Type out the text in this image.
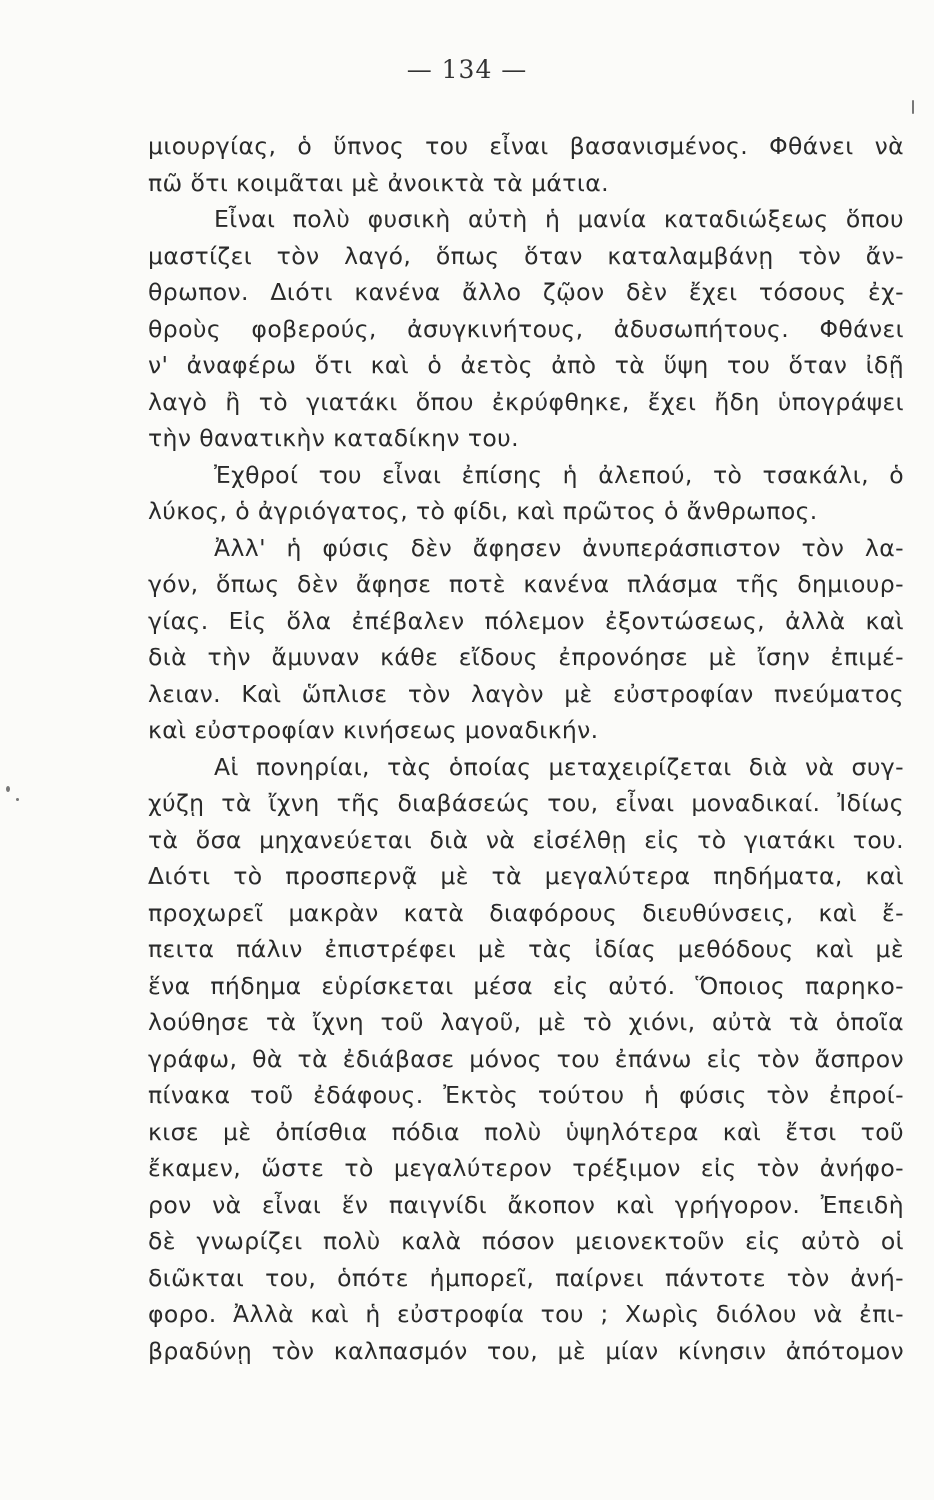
— 134 —
μιουργίας, ὁ ὕπνος του εἶναι βασανισμένος. Φθάνει νὰ
πῶ ὅτι κοιμᾶται μὲ ἀνοικτὰ τὰ μάτια.
Εἶναι πολὺ φυσικὴ αὐτὴ ἡ μανία καταδιώξεως ὅπου
μαστίζει τὸν λαγό, ὅπως ὅταν καταλαμβάνῃ τὸν ἄν-
θρωπον. Διότι κανένα ἄλλο ζῷον δὲν ἔχει τόσους ἐχ-
θροὺς φοβερούς, ἀσυγκινήτους, ἀδυσωπήτους. Φθάνει
ν' ἀναφέρω ὅτι καὶ ὁ ἀετὸς ἀπὸ τὰ ὕψη του ὅταν ἰδῇ
λαγὸ ἢ τὸ γιατάκι ὅπου ἐκρύφθηκε, ἔχει ἤδη ὑπογράψει
τὴν θανατικὴν καταδίκην του.
Ἐχθροί του εἶναι ἐπίσης ἡ ἀλεπού, τὸ τσακάλι, ὁ
λύκος, ὁ ἀγριόγατος, τὸ φίδι, καὶ πρῶτος ὁ ἄνθρωπος.
Ἀλλ' ἡ φύσις δὲν ἄφησεν ἀνυπεράσπιστον τὸν λα-
γόν, ὅπως δὲν ἄφησε ποτὲ κανένα πλάσμα τῆς δημιουρ-
γίας. Εἰς ὅλα ἐπέβαλεν πόλεμον ἐξοντώσεως, ἀλλὰ καὶ
διὰ τὴν ἄμυναν κάθε εἴδους ἐπρονόησε μὲ ἴσην ἐπιμέ-
λειαν. Καὶ ὥπλισε τὸν λαγὸν μὲ εὐστροφίαν πνεύματος
καὶ εὐστροφίαν κινήσεως μοναδικήν.
Αἱ πονηρίαι, τὰς ὁποίας μεταχειρίζεται διὰ νὰ συγ-
χύζῃ τὰ ἴχνη τῆς διαβάσεώς του, εἶναι μοναδικαί. Ἰδίως
τὰ ὅσα μηχανεύεται διὰ νὰ εἰσέλθῃ εἰς τὸ γιατάκι του.
Διότι τὸ προσπερνᾷ μὲ τὰ μεγαλύτερα πηδήματα, καὶ
προχωρεῖ μακρὰν κατὰ διαφόρους διευθύνσεις, καὶ ἔ-
πειτα πάλιν ἐπιστρέφει μὲ τὰς ἰδίας μεθόδους καὶ μὲ
ἕνα πήδημα εὑρίσκεται μέσα εἰς αὐτό. Ὅποιος παρηκο-
λούθησε τὰ ἴχνη τοῦ λαγοῦ, μὲ τὸ χιόνι, αὐτὰ τὰ ὁποῖα
γράφω, θὰ τὰ ἐδιάβασε μόνος του ἐπάνω εἰς τὸν ἄσπρον
πίνακα τοῦ ἐδάφους. Ἐκτὸς τούτου ἡ φύσις τὸν ἐπροί-
κισε μὲ ὀπίσθια πόδια πολὺ ὑψηλότερα καὶ ἔτσι τοῦ
ἔκαμεν, ὥστε τὸ μεγαλύτερον τρέξιμον εἰς τὸν ἀνήφο-
ρον νὰ εἶναι ἕν παιγνίδι ἄκοπον καὶ γρήγορον. Ἐπειδὴ
δὲ γνωρίζει πολὺ καλὰ πόσον μειονεκτοῦν εἰς αὐτὸ οἱ
διῶκται του, ὁπότε ἠμπορεῖ, παίρνει πάντοτε τὸν ἀνή-
φορο. Ἀλλὰ καὶ ἡ εὐστροφία του ; Χωρὶς διόλου νὰ ἐπι-
βραδύνῃ τὸν καλπασμόν του, μὲ μίαν κίνησιν ἀπότομον
